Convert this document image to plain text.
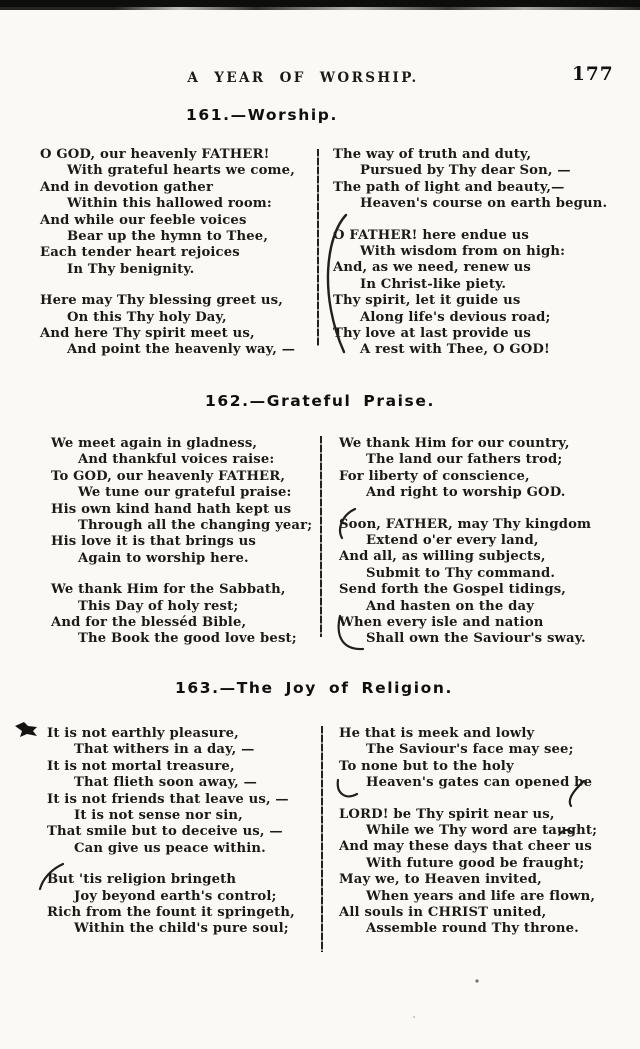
A YEAR OF WORSHIP.	177
161.—Worship.
O GOD, our heavenly FATHER!
With grateful hearts we come,
And in devotion gather
Within this hallowed room:
And while our feeble voices
Bear up the hymn to Thee,
Each tender heart rejoices
In Thy benignity.
Here may Thy blessing greet us,
On this Thy holy Day,
And here Thy spirit meet us,
And point the heavenly way, —
The way of truth and duty,
Pursued by Thy dear Son, —
The path of light and beauty,—
Heaven's course on earth begun.
O FATHER! here endue us
With wisdom from on high:
And, as we need, renew us
In Christ-like piety.
Thy spirit, let it guide us
Along life's devious road;
Thy love at last provide us
A rest with Thee, O GOD!
162.—Grateful Praise.
We meet again in gladness,
And thankful voices raise:
To GOD, our heavenly FATHER,
We tune our grateful praise:
His own kind hand hath kept us
Through all the changing year;
His love it is that brings us
Again to worship here.
We thank Him for the Sabbath,
This Day of holy rest;
And for the blesséd Bible,
The Book the good love best;
We thank Him for our country,
The land our fathers trod;
For liberty of conscience,
And right to worship GOD.
Soon, FATHER, may Thy kingdom
Extend o'er every land,
And all, as willing subjects,
Submit to Thy command.
Send forth the Gospel tidings,
And hasten on the day
When every isle and nation
Shall own the Saviour's sway.
163.—The Joy of Religion.
It is not earthly pleasure,
That withers in a day, —
It is not mortal treasure,
That flieth soon away, —
It is not friends that leave us, —
It is not sense nor sin,
That smile but to deceive us, —
Can give us peace within.
But 'tis religion bringeth
Joy beyond earth's control;
Rich from the fount it springeth,
Within the child's pure soul;
He that is meek and lowly
The Saviour's face may see;
To none but to the holy
Heaven's gates can opened be
LORD! be Thy spirit near us,
While we Thy word are taught;
And may these days that cheer us
With future good be fraught;
May we, to Heaven invited,
When years and life are flown,
All souls in CHRIST united,
Assemble round Thy throne.
